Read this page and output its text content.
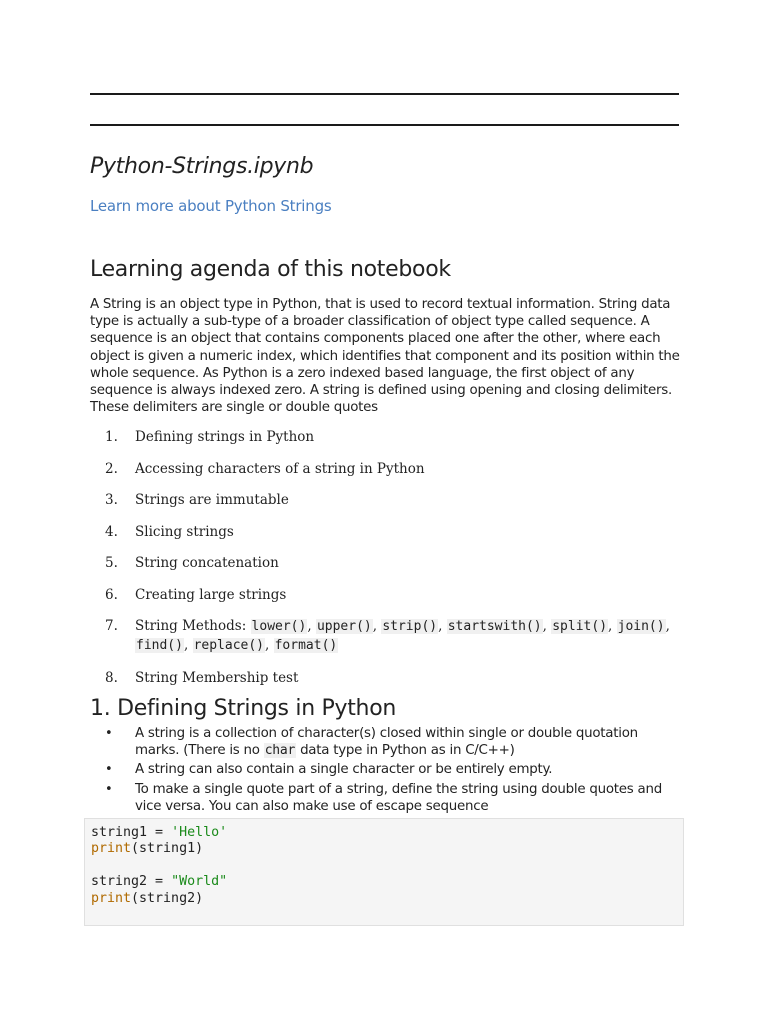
Python-Strings.ipynb
Learn more about Python Strings
Learning agenda of this notebook

A String is an object type in Python, that is used to record textual information. String data type is actually a sub-type of a broader classification of object type called sequence. A sequence is an object that contains components placed one after the other, where each object is given a numeric index, which identifies that component and its position within the whole sequence. As Python is a zero indexed based language, the first object of any sequence is always indexed zero. A string is defined using opening and closing delimiters. These delimiters are single or double quotes

1. Defining strings in Python
2. Accessing characters of a string in Python
3. Strings are immutable
4. Slicing strings
5. String concatenation
6. Creating large strings
7. String Methods: lower(), upper(), strip(), startswith(), split(), join(), find(), replace(), format()
8. String Membership test
1. Defining Strings in Python
• A string is a collection of character(s) closed within single or double quotation marks. (There is no char data type in Python as in C/C++)
• A string can also contain a single character or be entirely empty.
• To make a single quote part of a string, define the string using double quotes and vice versa. You can also make use of escape sequence
string1 = 'Hello'
print(string1)

string2 = "World"
print(string2)
